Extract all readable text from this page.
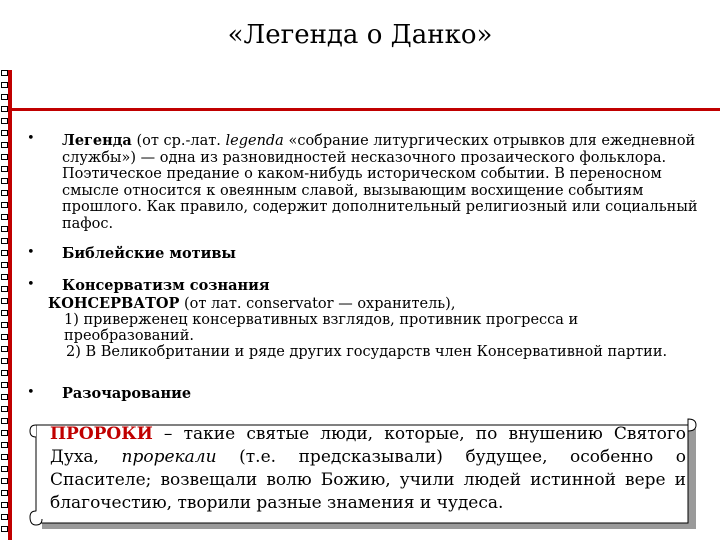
«Легенда о Данко»
• Легенда (от ср.-лат. legenda «собрание литургических отрывков для ежедневной службы») — одна из разновидностей несказочного прозаического фольклора. Поэтическое предание о каком-нибудь историческом событии. В переносном смысле относится к овеянным славой, вызывающим восхищение событиям прошлого. Как правило, содержит дополнительный религиозный или социальный пафос.
• Библейские мотивы
• Консерватизм сознания
КОНСЕРВАТОР (от лат. conservator — охранитель),
1) приверженец консервативных взглядов, противник прогресса и
преобразований.
2) В Великобритании и ряде других государств член Консервативной партии.
• Разочарование
ПРОРОКИ – такие святые люди, которые, по внушению Святого Духа, прорекали (т.е. предсказывали) будущее, особенно о Спасителе; возвещали волю Божию, учили людей истинной вере и благочестию, творили разные знамения и чудеса.
